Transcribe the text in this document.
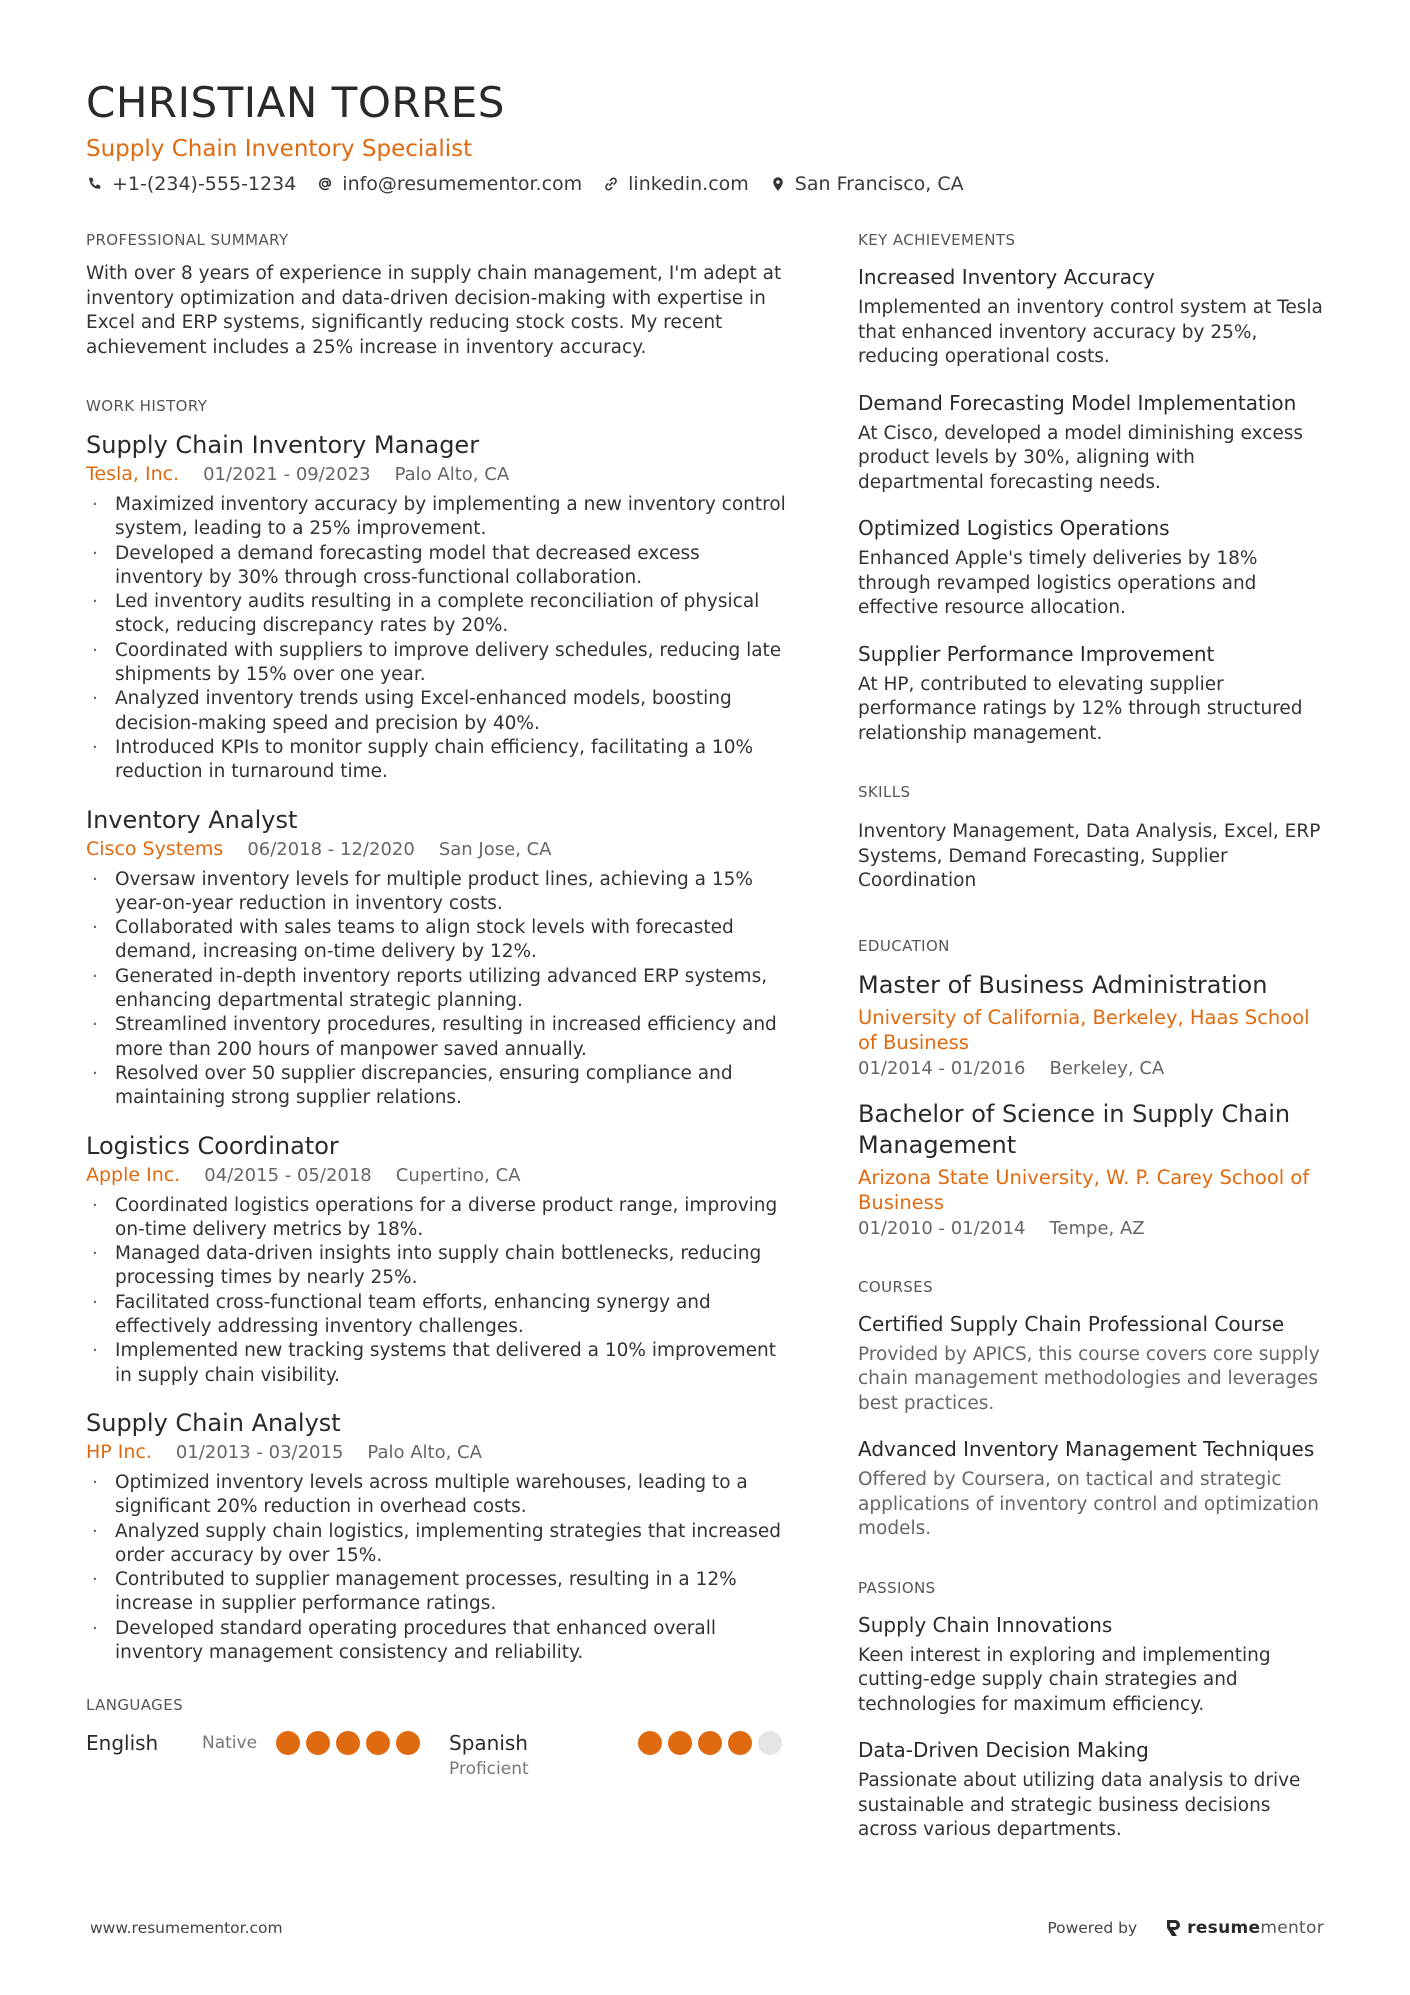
CHRISTIAN TORRES
Supply Chain Inventory Specialist
+1-(234)-555-1234 info@resumementor.com linkedin.com San Francisco, CA
PROFESSIONAL SUMMARY
With over 8 years of experience in supply chain management, I'm adept at inventory optimization and data-driven decision-making with expertise in Excel and ERP systems, significantly reducing stock costs. My recent achievement includes a 25% increase in inventory accuracy.
WORK HISTORY
Supply Chain Inventory Manager
Tesla, Inc. 01/2021 - 09/2023 Palo Alto, CA
· Maximized inventory accuracy by implementing a new inventory control system, leading to a 25% improvement.
· Developed a demand forecasting model that decreased excess inventory by 30% through cross-functional collaboration.
· Led inventory audits resulting in a complete reconciliation of physical stock, reducing discrepancy rates by 20%.
· Coordinated with suppliers to improve delivery schedules, reducing late shipments by 15% over one year.
· Analyzed inventory trends using Excel-enhanced models, boosting decision-making speed and precision by 40%.
· Introduced KPIs to monitor supply chain efficiency, facilitating a 10% reduction in turnaround time.
Inventory Analyst
Cisco Systems 06/2018 - 12/2020 San Jose, CA
· Oversaw inventory levels for multiple product lines, achieving a 15% year-on-year reduction in inventory costs.
· Collaborated with sales teams to align stock levels with forecasted demand, increasing on-time delivery by 12%.
· Generated in-depth inventory reports utilizing advanced ERP systems, enhancing departmental strategic planning.
· Streamlined inventory procedures, resulting in increased efficiency and more than 200 hours of manpower saved annually.
· Resolved over 50 supplier discrepancies, ensuring compliance and maintaining strong supplier relations.
Logistics Coordinator
Apple Inc. 04/2015 - 05/2018 Cupertino, CA
· Coordinated logistics operations for a diverse product range, improving on-time delivery metrics by 18%.
· Managed data-driven insights into supply chain bottlenecks, reducing processing times by nearly 25%.
· Facilitated cross-functional team efforts, enhancing synergy and effectively addressing inventory challenges.
· Implemented new tracking systems that delivered a 10% improvement in supply chain visibility.
Supply Chain Analyst
HP Inc. 01/2013 - 03/2015 Palo Alto, CA
· Optimized inventory levels across multiple warehouses, leading to a significant 20% reduction in overhead costs.
· Analyzed supply chain logistics, implementing strategies that increased order accuracy by over 15%.
· Contributed to supplier management processes, resulting in a 12% increase in supplier performance ratings.
· Developed standard operating procedures that enhanced overall inventory management consistency and reliability.
LANGUAGES
English	Native	Spanish
Proficient
KEY ACHIEVEMENTS
Increased Inventory Accuracy
Implemented an inventory control system at Tesla that enhanced inventory accuracy by 25%, reducing operational costs.
Demand Forecasting Model Implementation
At Cisco, developed a model diminishing excess product levels by 30%, aligning with departmental forecasting needs.
Optimized Logistics Operations
Enhanced Apple's timely deliveries by 18% through revamped logistics operations and effective resource allocation.
Supplier Performance Improvement
At HP, contributed to elevating supplier performance ratings by 12% through structured relationship management.
SKILLS
Inventory Management, Data Analysis, Excel, ERP Systems, Demand Forecasting, Supplier Coordination
EDUCATION
Master of Business Administration
University of California, Berkeley, Haas School of Business
01/2014 - 01/2016 Berkeley, CA
Bachelor of Science in Supply Chain Management
Arizona State University, W. P. Carey School of Business
01/2010 - 01/2014 Tempe, AZ
COURSES
Certified Supply Chain Professional Course
Provided by APICS, this course covers core supply chain management methodologies and leverages best practices.
Advanced Inventory Management Techniques
Offered by Coursera, on tactical and strategic applications of inventory control and optimization models.
PASSIONS
Supply Chain Innovations
Keen interest in exploring and implementing cutting-edge supply chain strategies and technologies for maximum efficiency.
Data-Driven Decision Making
Passionate about utilizing data analysis to drive sustainable and strategic business decisions across various departments.
www.resumementor.com	Powered by	resume mentor
